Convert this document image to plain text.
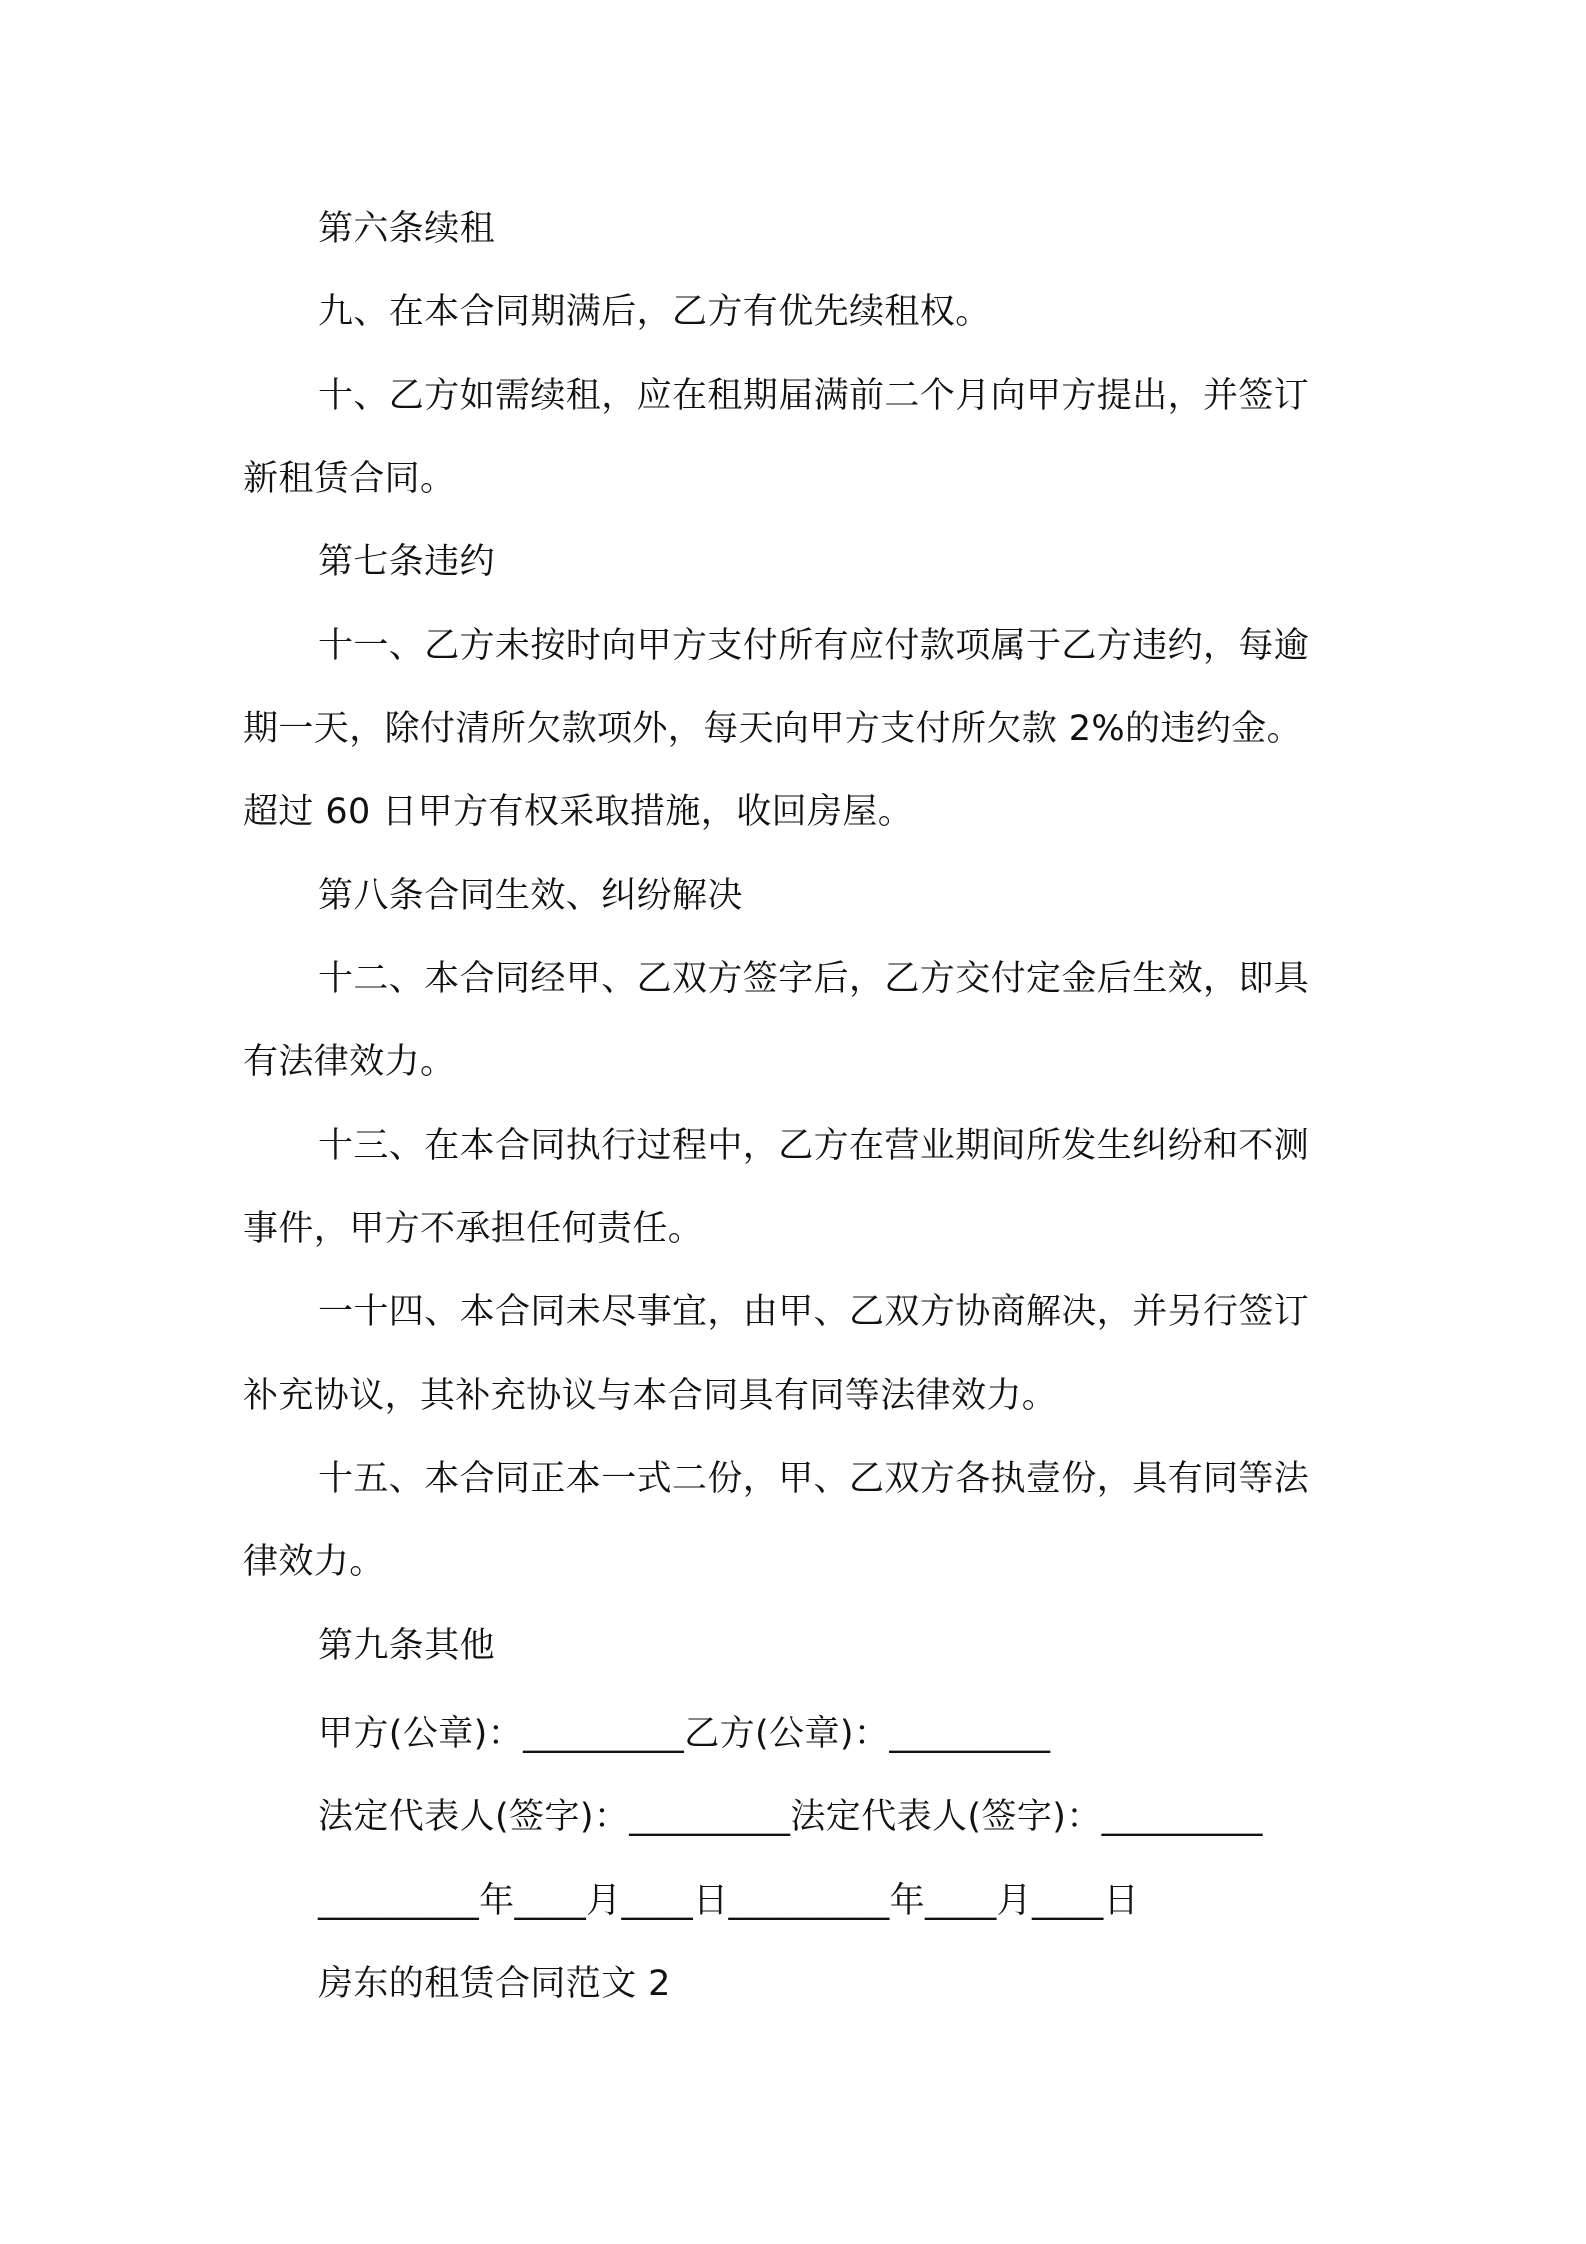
第六条续租
九、在本合同期满后，乙方有优先续租权。
十、乙方如需续租，应在租期届满前二个月向甲方提出，并签订
新租赁合同。
第七条违约
十一、乙方未按时向甲方支付所有应付款项属于乙方违约，每逾
期一天，除付清所欠款项外，每天向甲方支付所欠款 2%的违约金。
超过 60 日甲方有权采取措施，收回房屋。
第八条合同生效、纠纷解决
十二、本合同经甲、乙双方签字后，乙方交付定金后生效，即具
有法律效力。
十三、在本合同执行过程中，乙方在营业期间所发生纠纷和不测
事件，甲方不承担任何责任。
一十四、本合同未尽事宜，由甲、乙双方协商解决，并另行签订
补充协议，其补充协议与本合同具有同等法律效力。
十五、本合同正本一式二份，甲、乙双方各执壹份，具有同等法
律效力。
第九条其他
甲方(公章)：_________乙方(公章)：_________
法定代表人(签字)：_________法定代表人(签字)：_________
_________年____月____日_________年____月____日
房东的租赁合同范文 2
